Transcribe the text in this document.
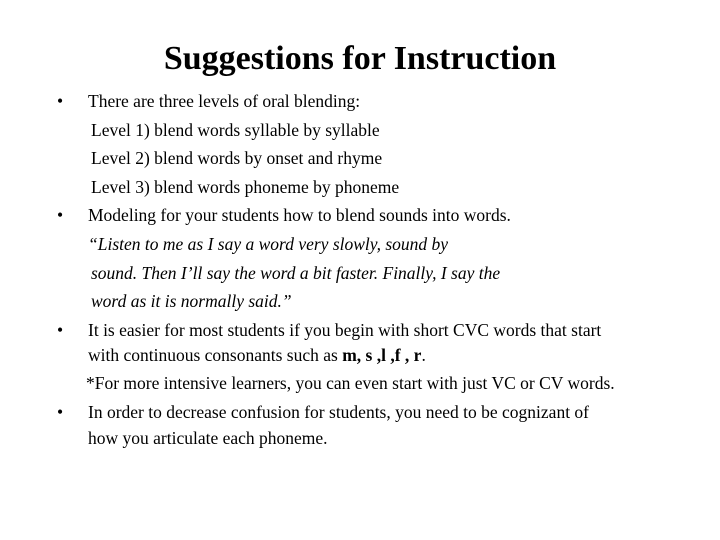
Suggestions for Instruction
• There are three levels of oral blending:
Level 1) blend words syllable by syllable
Level 2) blend words by onset and rhyme
Level 3) blend words phoneme by phoneme
• Modeling for your students how to blend sounds into words.
“Listen to me as I say a word very slowly, sound by
sound. Then I’ll say the word a bit faster. Finally, I say the
word as it is normally said.”
• It is easier for most students if you begin with short CVC words that start
with continuous consonants such as m, s ,l ,f , r.
*For more intensive learners, you can even start with just VC or CV words.
• In order to decrease confusion for students, you need to be cognizant of
how you articulate each phoneme.
